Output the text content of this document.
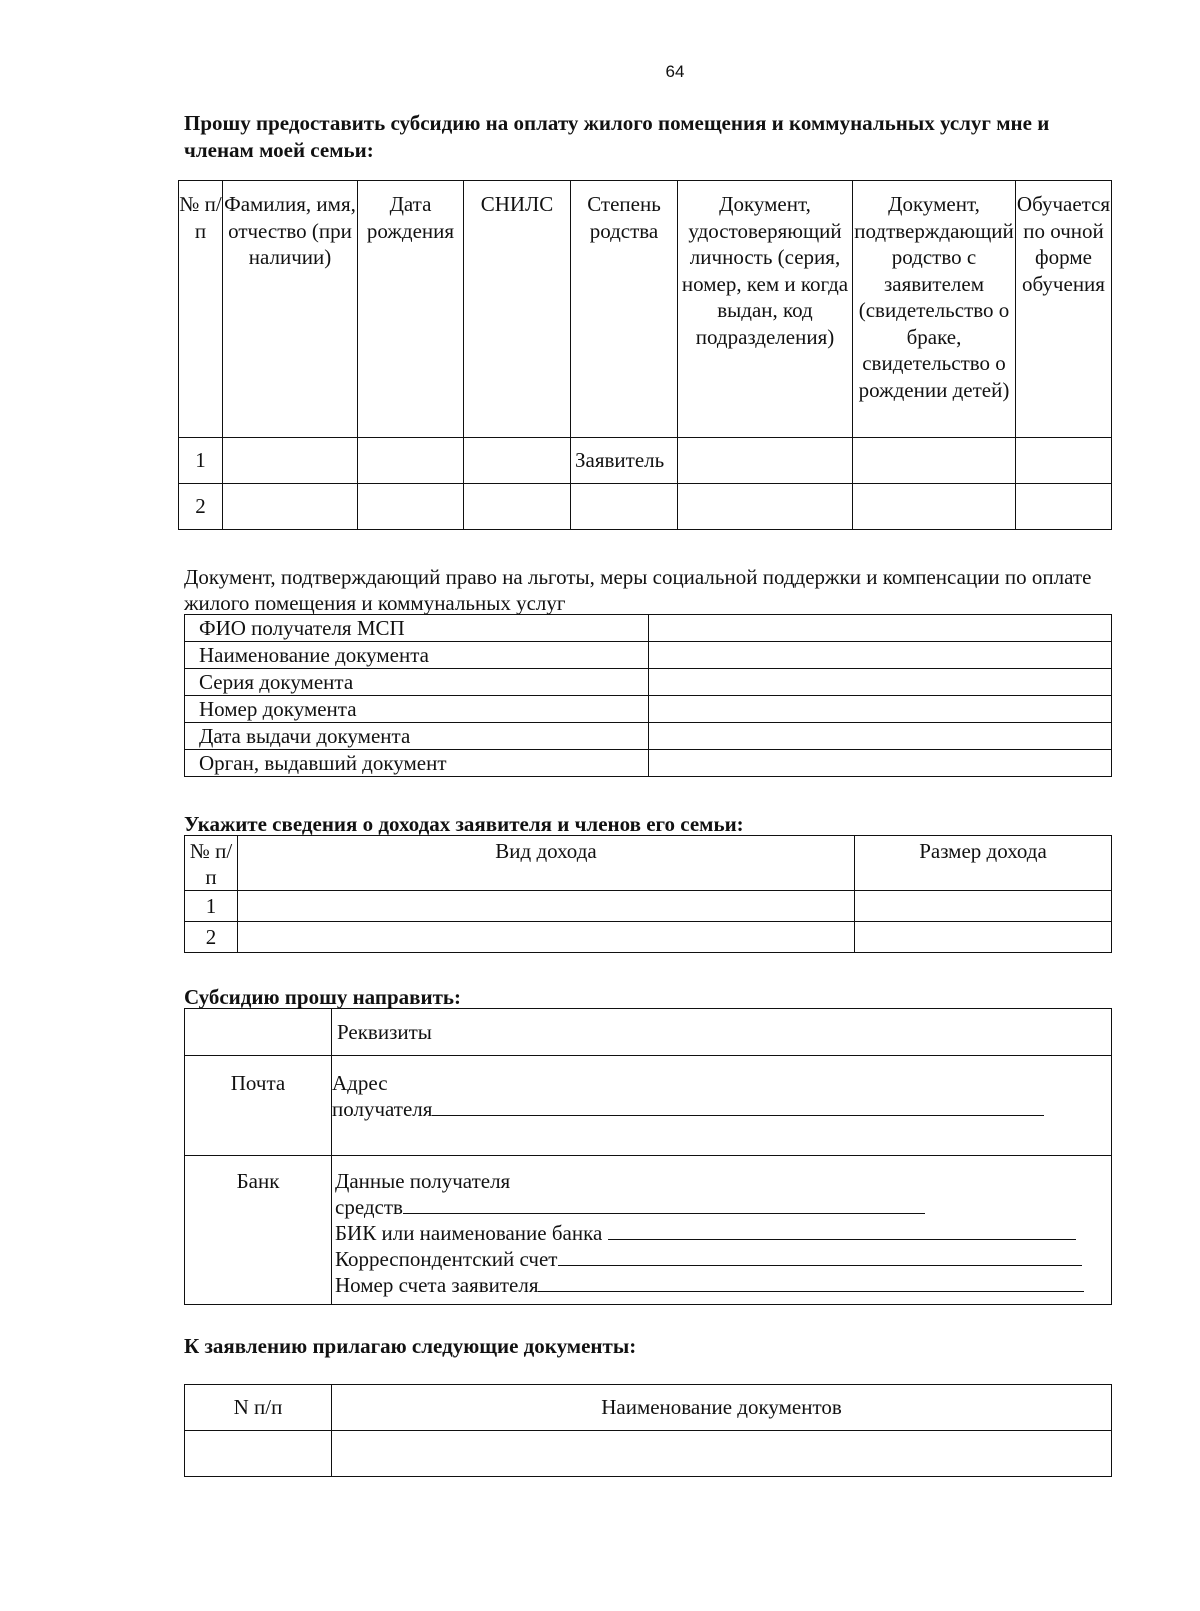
64
Прошу предоставить субсидию на оплату жилого помещения и коммунальных услуг мне и членам моей семьи:
№ п/п	Фамилия, имя, отчество (при наличии)	Дата рождения	СНИЛС	Степень родства	Документ, удостоверяющий личность (серия, номер, кем и когда выдан, код подразделения)	Документ, подтверждающий родство с заявителем (свидетельство о браке, свидетельство о рождении детей)	Обучается по очной форме обучения
1				Заявитель			
2							
Документ, подтверждающий право на льготы, меры социальной поддержки и компенсации по оплате жилого помещения и коммунальных услуг
ФИО получателя МСП	
Наименование документа	
Серия документа	
Номер документа	
Дата выдачи документа	
Орган, выдавший документ	
Укажите сведения о доходах заявителя и членов его семьи:
№ п/п	Вид дохода	Размер дохода
1		
2		
Субсидию прошу направить:
	Реквизиты
Почта	Адрес
получателя

Банк	Данные получателя
средств
БИК или наименование банка
Корреспондентский счет
Номер счета заявителя
К заявлению прилагаю следующие документы:
N п/п	Наименование документов
